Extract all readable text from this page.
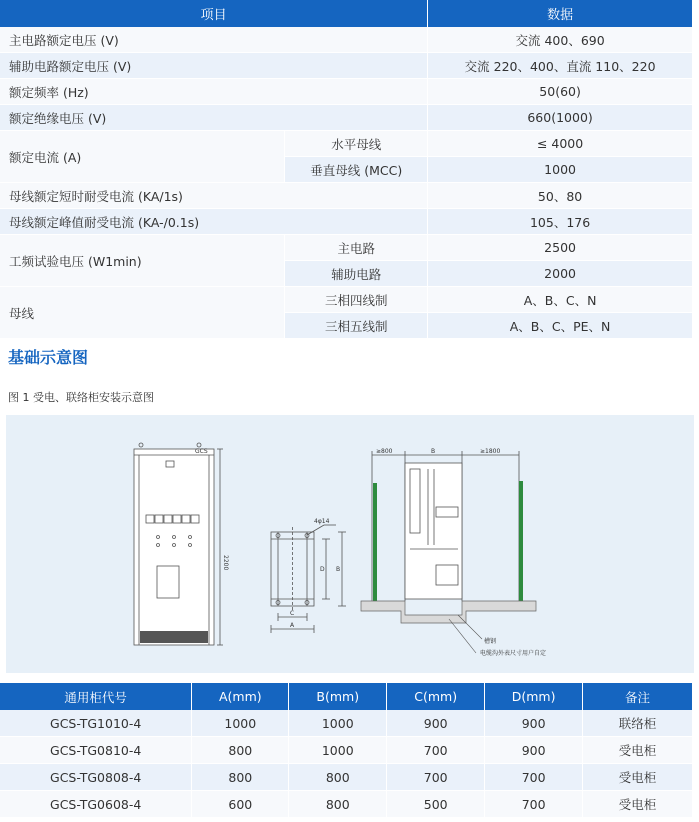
项目		数据
主电路额定电压 (V)		交流 400、690
辅助电路额定电压 (V)		交流 220、400、直流 110、220
额定频率 (Hz)		50(60)
额定绝缘电压 (V)		660(1000)
额定电流 (A)	水平母线	≤ 4000
	垂直母线 (MCC)	1000
母线额定短时耐受电流 (KA/1s)		50、80
母线额定峰值耐受电流 (KA-/0.1s)		105、176
工频试验电压 (W1min)	主电路	2500
	辅助电路	2000
母线	三相四线制	A、B、C、N
	三相五线制	A、B、C、PE、N
基础示意图
图 1 受电、联络柜安装示意图
GCS
2200
4φ14
D B
C
A
≥800	B	≥1800
槽钢
电缆沟外表尺寸用户自定
通用柜代号	A(mm)	B(mm)	C(mm)	D(mm)	备注
GCS-TG1010-4	1000	1000	900	900	联络柜
GCS-TG0810-4	800	1000	700	900	受电柜
GCS-TG0808-4	800	800	700	700	受电柜
GCS-TG0608-4	600	800	500	700	受电柜
